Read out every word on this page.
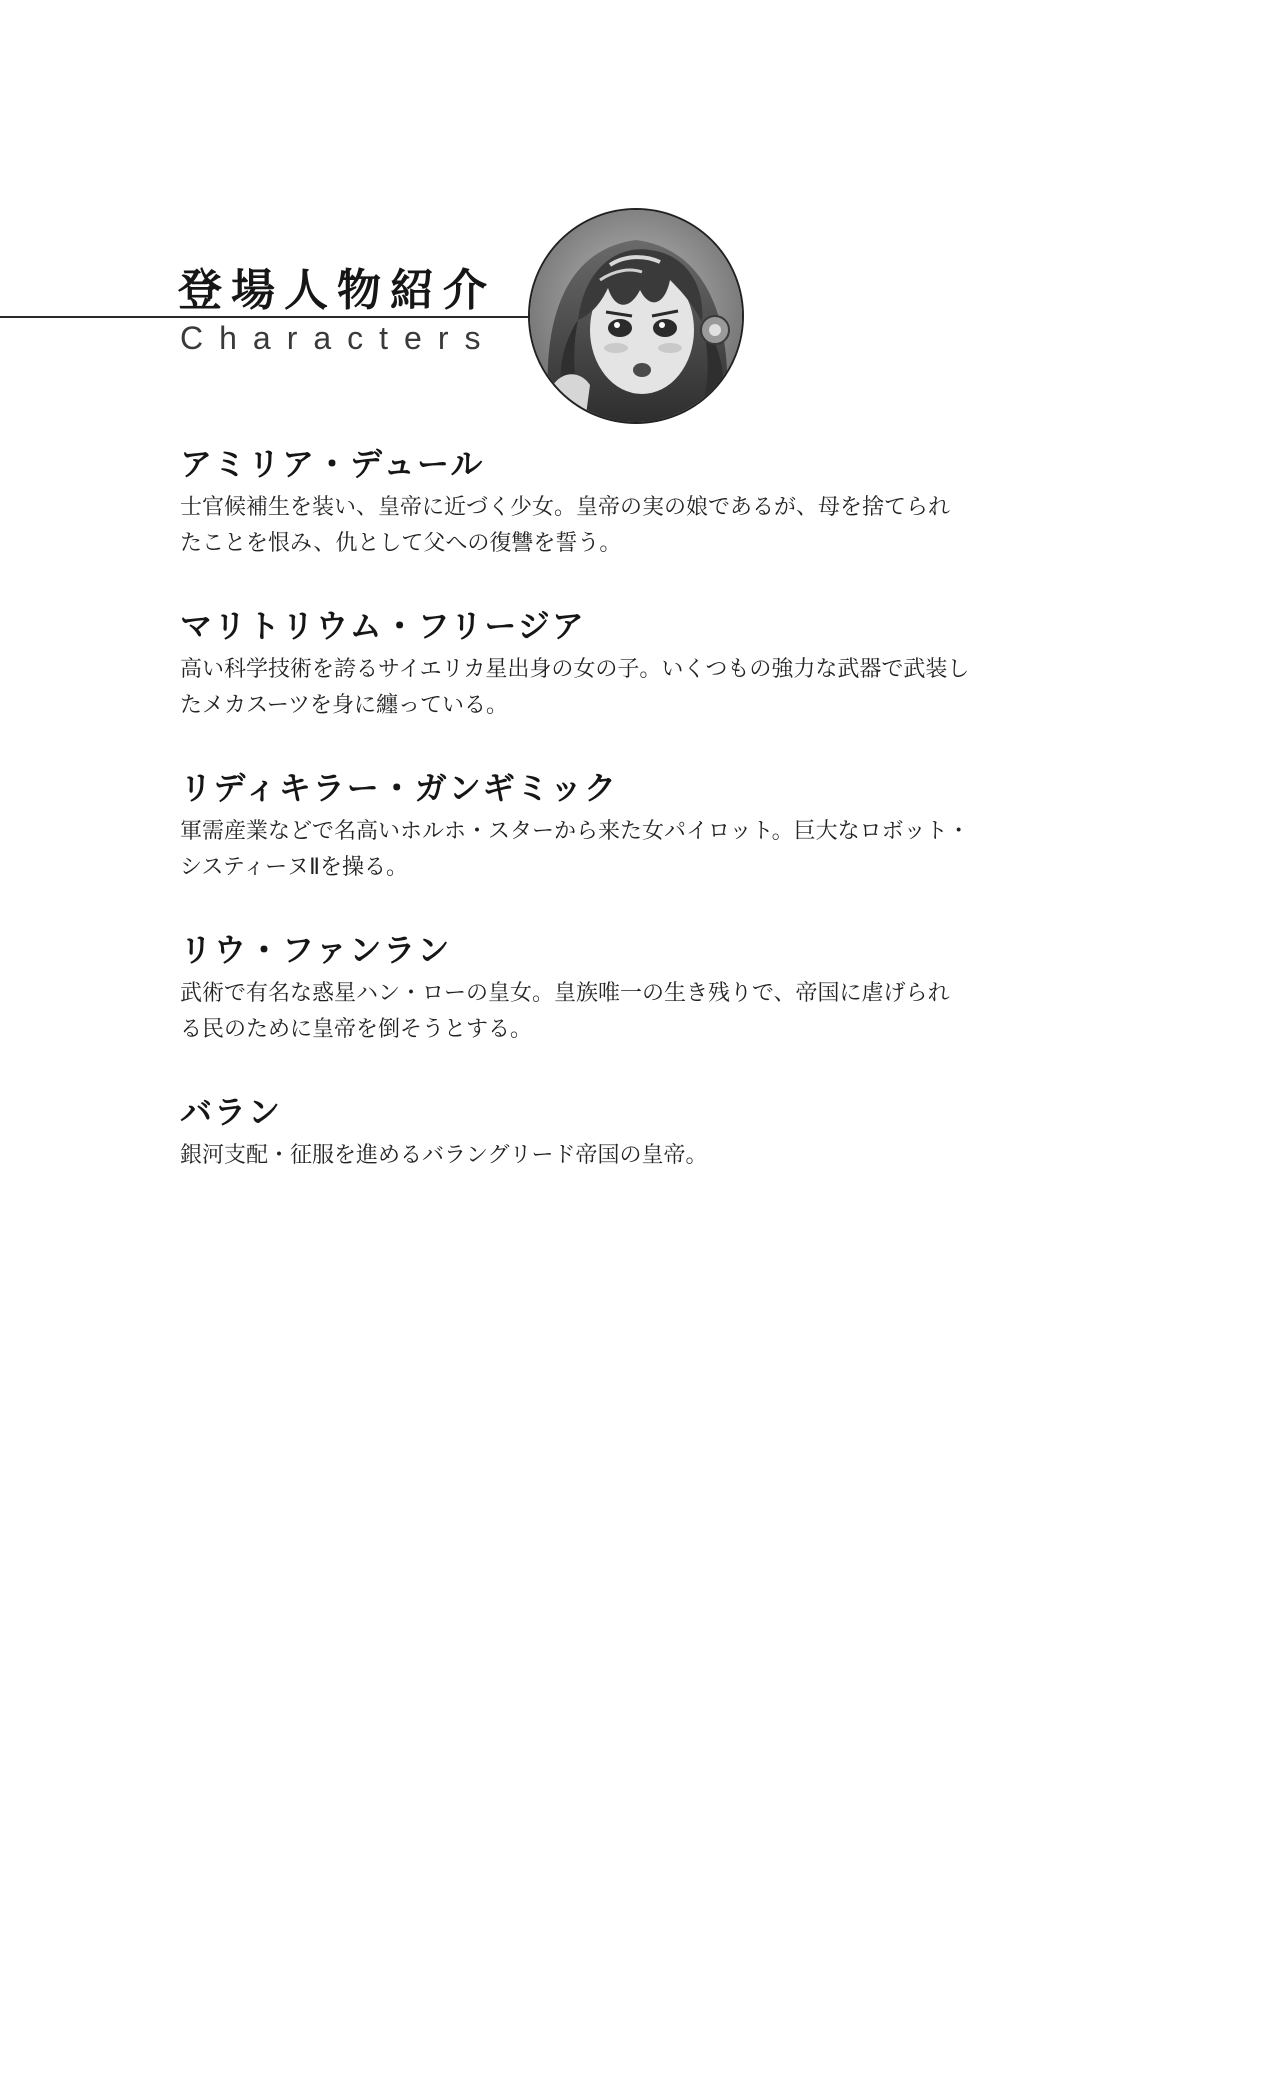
登場人物紹介
Characters
アミリア・デュール
士官候補生を装い、皇帝に近づく少女。皇帝の実の娘であるが、母を捨てられたことを恨み、仇として父への復讐を誓う。
マリトリウム・フリージア
高い科学技術を誇るサイエリカ星出身の女の子。いくつもの強力な武器で武装したメカスーツを身に纏っている。
リディキラー・ガンギミック
軍需産業などで名高いホルホ・スターから来た女パイロット。巨大なロボット・システィーヌⅡを操る。
リウ・ファンラン
武術で有名な惑星ハン・ローの皇女。皇族唯一の生き残りで、帝国に虐げられる民のために皇帝を倒そうとする。
バラン
銀河支配・征服を進めるバラングリード帝国の皇帝。
